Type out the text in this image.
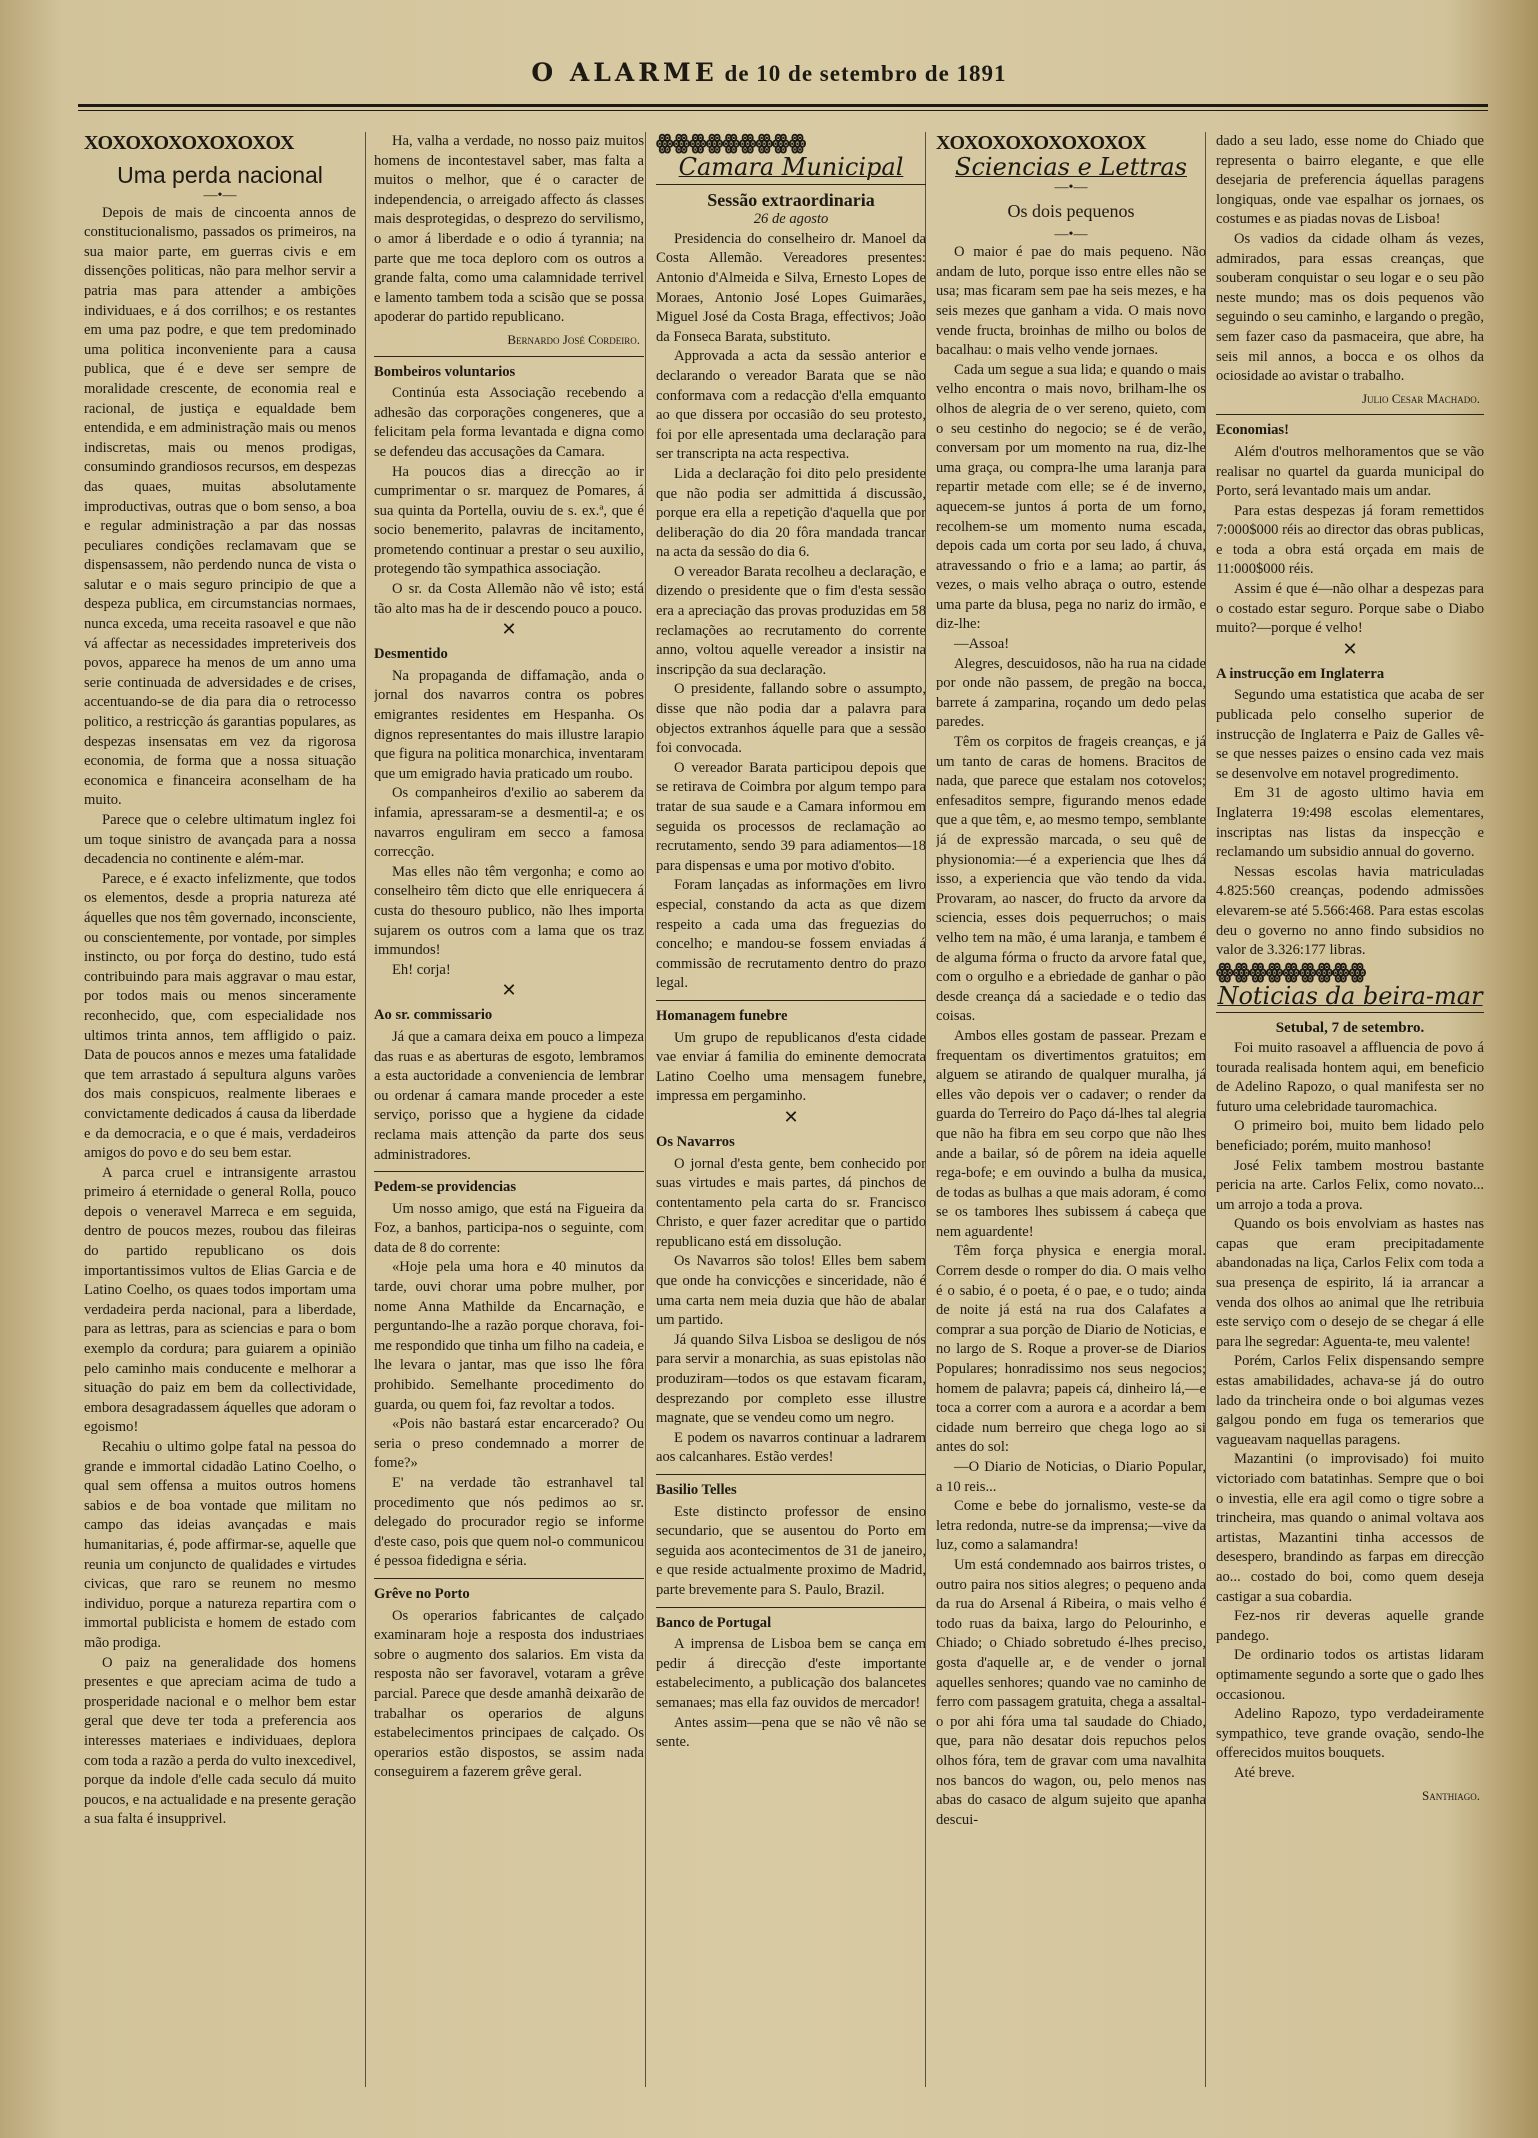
O ALARME de 10 de setembro de 1891
XOXOXOXOXOXOXOX
Uma perda nacional
—•—

Depois de mais de cincoenta annos de constitucionalismo, passados os primeiros, na sua maior parte, em guerras civis e em dissenções politicas, não para melhor servir a patria mas para attender a ambições individuaes, e á dos corrilhos; e os restantes em uma paz podre, e que tem predominado uma politica inconveniente para a causa publica, que é e deve ser sempre de moralidade crescente, de economia real e racional, de justiça e equaldade bem entendida, e em administração mais ou menos indiscretas, mais ou menos prodigas, consumindo grandiosos recursos, em despezas das quaes, muitas absolutamente improductivas, outras que o bom senso, a boa e regular administração a par das nossas peculiares condições reclamavam que se dispensassem, não perdendo nunca de vista o salutar e o mais seguro principio de que a despeza publica, em circumstancias normaes, nunca exceda, uma receita rasoavel e que não vá affectar as necessidades impreteriveis dos povos, apparece ha menos de um anno uma serie continuada de adversidades e de crises, accentuando-se de dia para dia o retrocesso politico, a restricção ás garantias populares, as despezas insensatas em vez da rigorosa economia, de forma que a nossa situação economica e financeira aconselham de ha muito.

Parece que o celebre ultimatum inglez foi um toque sinistro de avançada para a nossa decadencia no continente e além-mar.

Parece, e é exacto infelizmente, que todos os elementos, desde a propria natureza até áquelles que nos têm governado, inconsciente, ou conscientemente, por vontade, por simples instincto, ou por força do destino, tudo está contribuindo para mais aggravar o mau estar, por todos mais ou menos sinceramente reconhecido, que, com especialidade nos ultimos trinta annos, tem affligido o paiz. Data de poucos annos e mezes uma fatalidade que tem arrastado á sepultura alguns varões dos mais conspicuos, realmente liberaes e convictamente dedicados á causa da liberdade e da democracia, e o que é mais, verdadeiros amigos do povo e do seu bem estar.

A parca cruel e intransigente arrastou primeiro á eternidade o general Rolla, pouco depois o veneravel Marreca e em seguida, dentro de poucos mezes, roubou das fileiras do partido republicano os dois importantissimos vultos de Elias Garcia e de Latino Coelho, os quaes todos importam uma verdadeira perda nacional, para a liberdade, para as lettras, para as sciencias e para o bom exemplo da cordura; para guiarem a opinião pelo caminho mais conducente e melhorar a situação do paiz em bem da collectividade, embora desagradassem áquelles que adoram o egoismo!

Recahiu o ultimo golpe fatal na pessoa do grande e immortal cidadão Latino Coelho, o qual sem offensa a muitos outros homens sabios e de boa vontade que militam no campo das ideias avançadas e mais humanitarias, é, pode affirmar-se, aquelle que reunia um conjuncto de qualidades e virtudes civicas, que raro se reunem no mesmo individuo, porque a natureza repartira com o immortal publicista e homem de estado com mão prodiga.

O paiz na generalidade dos homens presentes e que apreciam acima de tudo a prosperidade nacional e o melhor bem estar geral que deve ter toda a preferencia aos interesses materiaes e individuaes, deplora com toda a razão a perda do vulto inexcedivel, porque da indole d'elle cada seculo dá muito poucos, e na actualidade e na presente geração a sua falta é insupprivel.

Ha, valha a verdade, no nosso paiz muitos homens de incontestavel saber, mas falta a muitos o melhor, que é o caracter de independencia, o arreigado affecto ás classes mais desprotegidas, o desprezo do servilismo, o amor á liberdade e o odio á tyrannia; na parte que me toca deploro com os outros a grande falta, como uma calamnidade terrivel e lamento tambem toda a scisão que se possa apoderar do partido republicano.

Bernardo José Cordeiro.
Bombeiros voluntarios

Continúa esta Associação recebendo a adhesão das corporações congeneres, que a felicitam pela forma levantada e digna como se defendeu das accusações da Camara.

Ha poucos dias a direcção ao ir cumprimentar o sr. marquez de Pomares, á sua quinta da Portella, ouviu de s. ex.ª, que é socio benemerito, palavras de incitamento, prometendo continuar a prestar o seu auxilio, protegendo tão sympathica associação.

O sr. da Costa Allemão não vê isto; está tão alto mas ha de ir descendo pouco a pouco.

✕
Desmentido

Na propaganda de diffamação, anda o jornal dos navarros contra os pobres emigrantes residentes em Hespanha. Os dignos representantes do mais illustre larapio que figura na politica monarchica, inventaram que um emigrado havia praticado um roubo.

Os companheiros d'exilio ao saberem da infamia, apressaram-se a desmentil-a; e os navarros enguliram em secco a famosa correcção.

Mas elles não têm vergonha; e como ao conselheiro têm dicto que elle enriquecera á custa do thesouro publico, não lhes importa sujarem os outros com a lama que os traz immundos!

Eh! corja!

✕
Ao sr. commissario

Já que a camara deixa em pouco a limpeza das ruas e as aberturas de esgoto, lembramos a esta auctoridade a conveniencia de lembrar ou ordenar á camara mande proceder a este serviço, porisso que a hygiene da cidade reclama mais attenção da parte dos seus administradores.

Pedem-se providencias

Um nosso amigo, que está na Figueira da Foz, a banhos, participa-nos o seguinte, com data de 8 do corrente:

«Hoje pela uma hora e 40 minutos da tarde, ouvi chorar uma pobre mulher, por nome Anna Mathilde da Encarnação, e perguntando-lhe a razão porque chorava, foi-me respondido que tinha um filho na cadeia, e lhe levara o jantar, mas que isso lhe fôra prohibido. Semelhante procedimento do guarda, ou quem foi, faz revoltar a todos.

«Pois não bastará estar encarcerado? Ou seria o preso condemnado a morrer de fome?»

E' na verdade tão estranhavel tal procedimento que nós pedimos ao sr. delegado do procurador regio se informe d'este caso, pois que quem nol-o communicou é pessoa fidedigna e séria.

Grêve no Porto

Os operarios fabricantes de calçado examinaram hoje a resposta dos industriaes sobre o augmento dos salarios. Em vista da resposta não ser favoravel, votaram a grêve parcial. Parece que desde amanhã deixarão de trabalhar os operarios de alguns estabelecimentos principaes de calçado. Os operarios estão dispostos, se assim nada conseguirem a fazerem grêve geral.

ꙮꙮꙮꙮꙮꙮꙮꙮꙮ
Camara Municipal
Sessão extraordinaria
26 de agosto

Presidencia do conselheiro dr. Manoel da Costa Allemão. Vereadores presentes: Antonio d'Almeida e Silva, Ernesto Lopes de Moraes, Antonio José Lopes Guimarães, Miguel José da Costa Braga, effectivos; João da Fonseca Barata, substituto.

Approvada a acta da sessão anterior e declarando o vereador Barata que se não conformava com a redacção d'ella emquanto ao que dissera por occasião do seu protesto, foi por elle apresentada uma declaração para ser transcripta na acta respectiva.

Lida a declaração foi dito pelo presidente que não podia ser admittida á discussão, porque era ella a repetição d'aquella que por deliberação do dia 20 fôra mandada trancar na acta da sessão do dia 6.

O vereador Barata recolheu a declaração, e dizendo o presidente que o fim d'esta sessão era a apreciação das provas produzidas em 58 reclamações ao recrutamento do corrente anno, voltou aquelle vereador a insistir na inscripção da sua declaração.

O presidente, fallando sobre o assumpto, disse que não podia dar a palavra para objectos extranhos áquelle para que a sessão foi convocada.

O vereador Barata participou depois que se retirava de Coimbra por algum tempo para tratar de sua saude e a Camara informou em seguida os processos de reclamação ao recrutamento, sendo 39 para adiamentos—18 para dispensas e uma por motivo d'obito.

Foram lançadas as informações em livro especial, constando da acta as que dizem respeito a cada uma das freguezias do concelho; e mandou-se fossem enviadas á commissão de recrutamento dentro do prazo legal.

Homanagem funebre

Um grupo de republicanos d'esta cidade vae enviar á familia do eminente democrata Latino Coelho uma mensagem funebre, impressa em pergaminho.

✕
Os Navarros

O jornal d'esta gente, bem conhecido por suas virtudes e mais partes, dá pinchos de contentamento pela carta do sr. Francisco Christo, e quer fazer acreditar que o partido republicano está em dissolução.

Os Navarros são tolos! Elles bem sabem que onde ha convicções e sinceridade, não é uma carta nem meia duzia que hão de abalar um partido.

Já quando Silva Lisboa se desligou de nós para servir a monarchia, as suas epistolas não produziram—todos os que estavam ficaram, desprezando por completo esse illustre magnate, que se vendeu como um negro.

E podem os navarros continuar a ladrarem aos calcanhares. Estão verdes!

Basilio Telles

Este distincto professor de ensino secundario, que se ausentou do Porto em seguida aos acontecimentos de 31 de janeiro, e que reside actualmente proximo de Madrid, parte brevemente para S. Paulo, Brazil.

Banco de Portugal

A imprensa de Lisboa bem se cança em pedir á direcção d'este importante estabelecimento, a publicação dos balancetes semanaes; mas ella faz ouvidos de mercador!

Antes assim—pena que se não vê não se sente.

XOXOXOXOXOXOXOX
Sciencias e Lettras
—•—
Os dois pequenos
—•—

O maior é pae do mais pequeno. Não andam de luto, porque isso entre elles não se usa; mas ficaram sem pae ha seis mezes, e ha seis mezes que ganham a vida. O mais novo vende fructa, broinhas de milho ou bolos de bacalhau: o mais velho vende jornaes.

Cada um segue a sua lida; e quando o mais velho encontra o mais novo, brilham-lhe os olhos de alegria de o ver sereno, quieto, com o seu cestinho do negocio; se é de verão, conversam por um momento na rua, diz-lhe uma graça, ou compra-lhe uma laranja para repartir metade com elle; se é de inverno, aquecem-se juntos á porta de um forno, recolhem-se um momento numa escada, depois cada um corta por seu lado, á chuva, atravessando o frio e a lama; ao partir, ás vezes, o mais velho abraça o outro, estende uma parte da blusa, pega no nariz do irmão, e diz-lhe:

—Assoa!

Alegres, descuidosos, não ha rua na cidade por onde não passem, de pregão na bocca, barrete á zamparina, roçando um dedo pelas paredes.

Têm os corpitos de frageis creanças, e já um tanto de caras de homens. Bracitos de nada, que parece que estalam nos cotovelos; enfesaditos sempre, figurando menos edade que a que têm, e, ao mesmo tempo, semblante já de expressão marcada, o seu quê de physionomia:—é a experiencia que lhes dá isso, a experiencia que vão tendo da vida. Provaram, ao nascer, do fructo da arvore da sciencia, esses dois pequerruchos; o mais velho tem na mão, é uma laranja, e tambem é de alguma fórma o fructo da arvore fatal que, com o orgulho e a ebriedade de ganhar o pão desde creança dá a saciedade e o tedio das coisas.

Ambos elles gostam de passear. Prezam e frequentam os divertimentos gratuitos; em alguem se atirando de qualquer muralha, já elles vão depois ver o cadaver; o render da guarda do Terreiro do Paço dá-lhes tal alegria que não ha fibra em seu corpo que não lhes ande a bailar, só de pôrem na ideia aquelle rega-bofe; e em ouvindo a bulha da musica, de todas as bulhas a que mais adoram, é como se os tambores lhes subissem á cabeça que nem aguardente!

Têm força physica e energia moral. Correm desde o romper do dia. O mais velho é o sabio, é o poeta, é o pae, e o tudo; ainda de noite já está na rua dos Calafates a comprar a sua porção de Diario de Noticias, e no largo de S. Roque a prover-se de Diarios Populares; honradissimo nos seus negocios; homem de palavra; papeis cá, dinheiro lá,—e toca a correr com a aurora e a acordar a bem cidade num berreiro que chega logo ao si antes do sol:

—O Diario de Noticias, o Diario Popular, a 10 reis...

Come e bebe do jornalismo, veste-se da letra redonda, nutre-se da imprensa;—vive da luz, como a salamandra!

Um está condemnado aos bairros tristes, o outro paira nos sitios alegres; o pequeno anda da rua do Arsenal á Ribeira, o mais velho é todo ruas da baixa, largo do Pelourinho, e Chiado; o Chiado sobretudo é-lhes preciso, gosta d'aquelle ar, e de vender o jornal aquelles senhores; quando vae no caminho de ferro com passagem gratuita, chega a assaltal-o por ahi fóra uma tal saudade do Chiado, que, para não desatar dois repuchos pelos olhos fóra, tem de gravar com uma navalhita nos bancos do wagon, ou, pelo menos nas abas do casaco de algum sujeito que apanha descui-

dado a seu lado, esse nome do Chiado que representa o bairro elegante, e que elle desejaria de preferencia áquellas paragens longiquas, onde vae espalhar os jornaes, os costumes e as piadas novas de Lisboa!

Os vadios da cidade olham ás vezes, admirados, para essas creanças, que souberam conquistar o seu logar e o seu pão neste mundo; mas os dois pequenos vão seguindo o seu caminho, e largando o pregão, sem fazer caso da pasmaceira, que abre, ha seis mil annos, a bocca e os olhos da ociosidade ao avistar o trabalho.

Julio Cesar Machado.
Economias!

Além d'outros melhoramentos que se vão realisar no quartel da guarda municipal do Porto, será levantado mais um andar.

Para estas despezas já foram remettidos 7:000$000 réis ao director das obras publicas, e toda a obra está orçada em mais de 11:000$000 réis.

Assim é que é—não olhar a despezas para o costado estar seguro. Porque sabe o Diabo muito?—porque é velho!

✕
A instrucção em Inglaterra

Segundo uma estatistica que acaba de ser publicada pelo conselho superior de instrucção de Inglaterra e Paiz de Galles vê-se que nesses paizes o ensino cada vez mais se desenvolve em notavel progredimento.

Em 31 de agosto ultimo havia em Inglaterra 19:498 escolas elementares, inscriptas nas listas da inspecção e reclamando um subsidio annual do governo.

Nessas escolas havia matriculadas 4.825:560 creanças, podendo admissões elevarem-se até 5.566:468. Para estas escolas deu o governo no anno findo subsidios no valor de 3.326:177 libras.

ꙮꙮꙮꙮꙮꙮꙮꙮꙮ
Noticias da beira-mar
Setubal, 7 de setembro.

Foi muito rasoavel a affluencia de povo á tourada realisada hontem aqui, em beneficio de Adelino Rapozo, o qual manifesta ser no futuro uma celebridade tauromachica.

O primeiro boi, muito bem lidado pelo beneficiado; porém, muito manhoso!

José Felix tambem mostrou bastante pericia na arte. Carlos Felix, como novato... um arrojo a toda a prova.

Quando os bois envolviam as hastes nas capas que eram precipitadamente abandonadas na liça, Carlos Felix com toda a sua presença de espirito, lá ia arrancar a venda dos olhos ao animal que lhe retribuia este serviço com o desejo de se chegar á elle para lhe segredar: Aguenta-te, meu valente!

Porém, Carlos Felix dispensando sempre estas amabilidades, achava-se já do outro lado da trincheira onde o boi algumas vezes galgou pondo em fuga os temerarios que vagueavam naquellas paragens.

Mazantini (o improvisado) foi muito victoriado com batatinhas. Sempre que o boi o investia, elle era agil como o tigre sobre a trincheira, mas quando o animal voltava aos artistas, Mazantini tinha accessos de desespero, brandindo as farpas em direcção ao... costado do boi, como quem deseja castigar a sua cobardia.

Fez-nos rir deveras aquelle grande pandego.

De ordinario todos os artistas lidaram optimamente segundo a sorte que o gado lhes occasionou.

Adelino Rapozo, typo verdadeiramente sympathico, teve grande ovação, sendo-lhe offerecidos muitos bouquets.

Até breve.

Santhiago.
